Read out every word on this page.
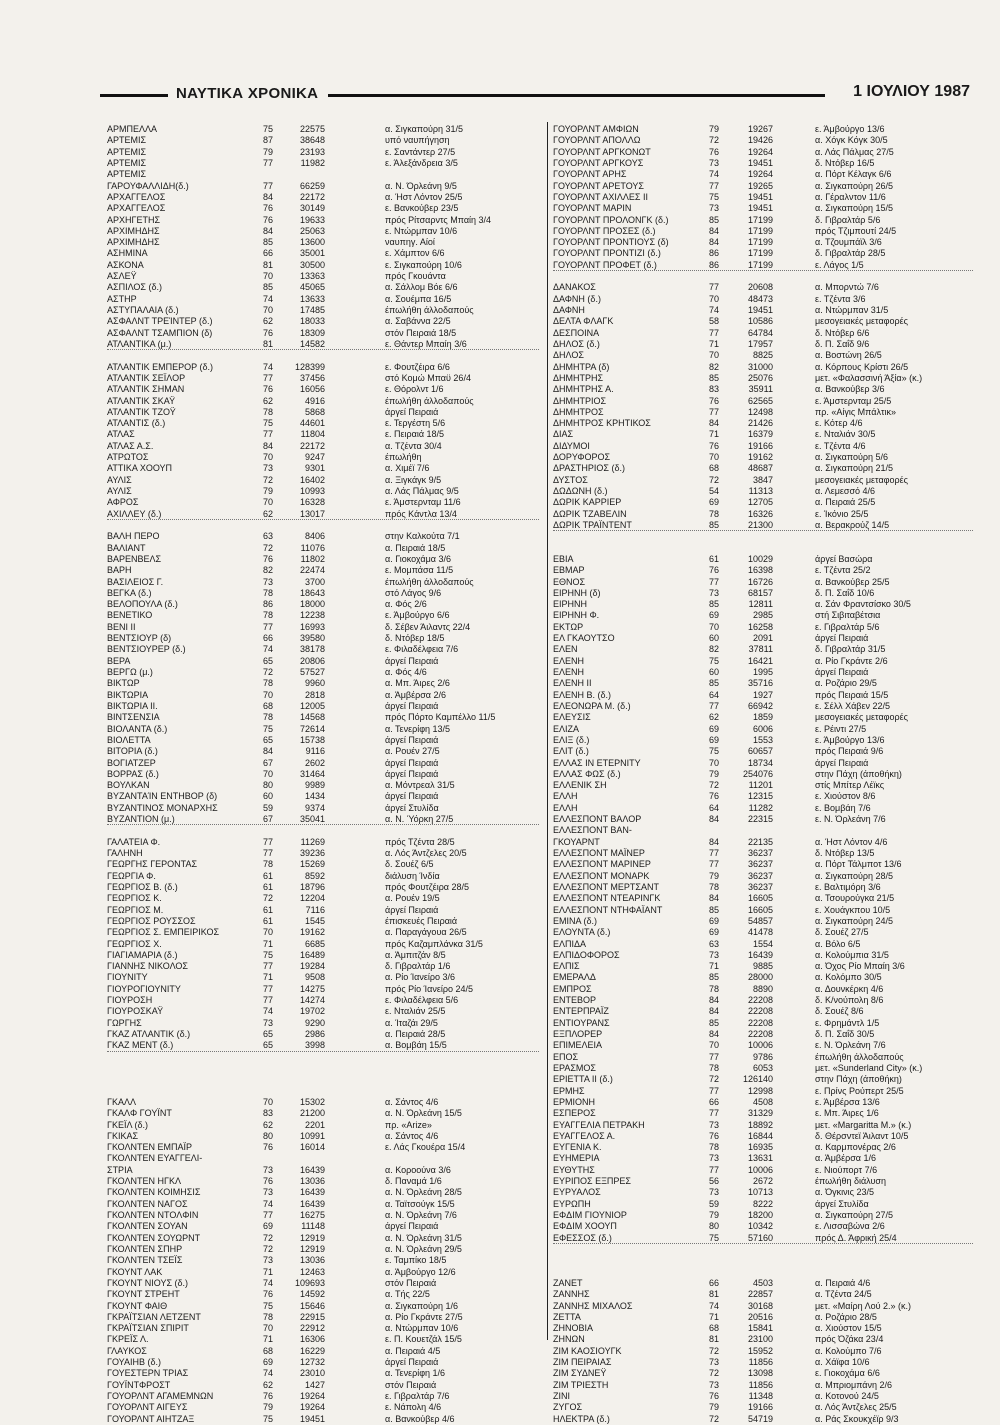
ΝΑΥΤΙΚΑ ΧΡΟΝΙΚΑ	1 ΙΟΥΛΙΟΥ 1987
ΑΡΜΠΕΛΛΑ	75	22575	α. Σιγκαπούρη 31/5
ΑΡΤΕΜΙΣ	87	38648	υπό ναυπήγηση
ΑΡΤΕΜΙΣ	79	23193	ε. Σαντάντερ 27/5
ΑΡΤΕΜΙΣ	77	11982	ε. Άλεξάνδρεια 3/5
ΑΡΤΕΜΙΣ
ΓΑΡΟΥΦΑΛΛΙΔΗ(δ.)	77	66259	α. Ν. Όρλεάνη 9/5
ΑΡΧΑΓΓΕΛΟΣ	84	22172	α. Ήστ Λόντον 25/5
ΑΡΧΑΓΓΕΛΟΣ	76	30149	ε. Βανκούβερ 23/5
ΑΡΧΗΓΕΤΗΣ	76	19633	πρός Ρίτσαρντς Μπαίη 3/4
ΑΡΧΙΜΗΔΗΣ	84	25063	ε. Ντώρμπαν 10/6
ΑΡΧΙΜΗΔΗΣ	85	13600	ναυπηγ. Αίοί
ΑΣΗΜΙΝΑ	66	35001	ε. Χάμπτον 6/6
ΑΣΚΟΝΑ	81	30500	ε. Σιγκαπούρη 10/6
ΑΣΛΕΫ	70	13363	πρός Γκουάντα
ΑΣΠΙΛΟΣ (δ.)	85	45065	α. Σάλλομ Βόε 6/6
ΑΣΤΗΡ	74	13633	α. Σουέμπα 16/5
ΑΣΤΥΠΑΛΑΙΑ (δ.)	70	17485	έπωλήθη άλλοδαπούς
ΑΣΦΑΛΝΤ ΤΡΕΊΝΤΕΡ (δ.)	62	18033	α. Σαβάννα 22/5
ΑΣΦΑΛΝΤ ΤΣΑΜΠΙΟΝ (δ)	76	18309	στόν Πειραιά 18/5
ΑΤΛΑΝΤΙΚΑ (μ.)	81	14582	ε. Θάντερ Μπαίη 3/6
ΑΤΛΑΝΤΙΚ ΕΜΠΕΡΟΡ (δ.)	74	128399	ε. Φουτζέιρα 6/6
ΑΤΛΑΝΤΙΚ ΣΕΪΛΟΡ	77	37456	στό Κομώ Μπαϋ 26/4
ΑΤΛΑΝΤΙΚ ΣΗΜΑΝ	76	16056	ε. Θόρολντ 1/6
ΑΤΛΑΝΤΙΚ ΣΚΑΫ	62	4916	έπωλήθη άλλοδαπούς
ΑΤΛΑΝΤΙΚ ΤΖΟΫ	78	5868	άργεί Πειραιά
ΑΤΛΑΝΤΙΣ (δ.)	75	44601	ε. Τεργέστη 5/6
ΑΤΛΑΣ	77	11804	ε. Πειραιά 18/5
ΑΤΛΑΣ Α.Σ.	84	22172	α. Τζέντα 30/4
ΑΤΡΩΤΟΣ	70	9247	έπωλήθη
ΑΤΤΙΚΑ ΧΟΟΥΠ	73	9301	α. Χιμέϊ 7/6
ΑΥΛΙΣ	72	16402	α. Ξιγκάγκ 9/5
ΑΥΛΙΣ	79	10993	α. Λάς Πάλμας 9/5
ΑΦΡΟΣ	70	16328	ε. Άμστερνταμ 11/6
ΑΧΙΛΛΕΥ (δ.)	62	13017	πρός Κάντλα 13/4
ΒΑΛΗ ΠΕΡΟ	63	8406	στην Καλκούτα 7/1
ΒΑΛΙΑΝΤ	72	11076	α. Πειραιά 18/5
ΒΑΡΕΝΒΕΛΣ	76	11802	α. Γιοκοχάμα 3/6
ΒΑΡΗ	82	22474	ε. Μομπάσα 11/5
ΒΑΣΙΛΕΙΟΣ Γ.	73	3700	έπωλήθη άλλοδαπούς
ΒΕΓΚΑ (δ.)	78	18643	στό Λάγος 9/6
ΒΕΛΟΠΟΥΛΑ (δ.)	86	18000	α. Φός 2/6
ΒΕΝΕΤΙΚΟ	78	12238	ε. Άμβούργο 6/6
ΒΕΝΙ ΙΙ	77	16993	δ. Σέβεν Άιλαντς 22/4
ΒΕΝΤΣΙΟΥΡ (δ)	66	39580	δ. Ντόβερ 18/5
ΒΕΝΤΣΙΟΥΡΕΡ (δ.)	74	38178	ε. Φιλαδέλφεια 7/6
ΒΕΡΑ	65	20806	άργεί Πειραιά
ΒΕΡΓΩ (μ.)	72	57527	α. Φός 4/6
ΒΙΚΤΩΡ	78	9960	α. Μπ. Άιρες 2/6
ΒΙΚΤΩΡΙΑ	70	2818	α. Άμβέρσα 2/6
ΒΙΚΤΩΡΙΑ ΙΙ.	68	12005	άργεί Πειραιά
ΒΙΝΤΣΕΝΣΙΑ	78	14568	πρός Πόρτο Καμπέλλο 11/5
ΒΙΟΛΑΝΤΑ (δ.)	75	72614	α. Τενερίφη 13/5
ΒΙΟΛΕΤΤΑ	65	15738	άργεί Πειραιά
ΒΙΤΟΡΙΑ (δ.)	84	9116	α. Ρουέν 27/5
ΒΟΓΙΑΤΖΕΡ	67	2602	άργεί Πειραιά
ΒΟΡΡΑΣ (δ.)	70	31464	άργεί Πειραιά
ΒΟΥΛΚΑΝ	80	9989	α. Μόντρεαλ 31/5
ΒΥΖΑΝΤΑΊΝ ΕΝΤΗΒΟΡ (δ)	60	1434	άργεί Πειραιά
ΒΥΖΑΝΤΙΝΟΣ ΜΟΝΑΡΧΗΣ	59	9374	άργεί Στυλίδα
ΒΥΖΑΝΤΙΟΝ (μ.)	67	35041	α. Ν. Ύόρκη 27/5
ΓΑΛΑΤΕΙΑ Φ.	77	11269	πρός Τζέντα 28/5
ΓΑΛΗΝΗ	77	39236	α. Λός Άντζελες 20/5
ΓΕΩΡΓΗΣ ΓΕΡΟΝΤΑΣ	78	15269	δ. Σουέζ 6/5
ΓΕΩΡΓΙΑ Φ.	61	8592	διάλυση Ίνδία
ΓΕΩΡΓΙΟΣ Β. (δ.)	61	18796	πρός Φουτζέιρα 28/5
ΓΕΩΡΓΙΟΣ Κ.	72	12204	α. Ρουέν 19/5
ΓΕΩΡΓΙΟΣ Μ.	61	7116	άργεί Πειραιά
ΓΕΩΡΓΙΟΣ ΡΟΥΣΣΟΣ	61	1545	έπισκευές Πειραιά
ΓΕΩΡΓΙΟΣ Σ. ΕΜΠΕΙΡΙΚΟΣ	70	19162	α. Παραγάγουα 26/5
ΓΕΩΡΓΙΟΣ Χ.	71	6685	πρός Καζαμπλάνκα 31/5
ΓΙΑΓΙΑΜΑΡΙΑ (δ.)	75	16489	α. Άμπιτζάν 8/5
ΓΙΑΝΝΗΣ ΝΙΚΟΛΟΣ	77	19284	δ. Γιβραλτάρ 1/6
ΓΙΟΥΝΙΤΥ	71	9508	α. Ρίο Ίανείρο 3/6
ΓΙΟΥΡΟΓΙΟΥΝΙΤΥ	77	14275	πρός Ρίο Ίανείρο 24/5
ΓΙΟΥΡΟΣΗ	77	14274	ε. Φιλαδέλφεια 5/6
ΓΙΟΥΡΟΣΚΑΫ	74	19702	ε. Νταλιάν 25/5
ΓΩΡΓΗΣ	73	9290	α. Ίταζάι 29/5
ΓΚΑΖ ΑΤΛΑΝΤΙΚ (δ.)	65	2986	α. Πειραιά 28/5
ΓΚΑΖ ΜΕΝΤ (δ.)	65	3998	α. Βομβάη 15/5
ΓΚΑΛΛ	70	15302	α. Σάντος 4/6
ΓΚΑΛΦ ΓΟΥΪΝΤ	83	21200	α. Ν. Όρλεάνη 15/5
ΓΚΕΪΛ (δ.)	62	2201	πρ. «Arize»
ΓΚΙΚΑΣ	80	10991	α. Σάντος 4/6
ΓΚΟΛΝΤΕΝ ΕΜΠΑΪΡ	76	16014	ε. Λάς Γκουέρα 15/4
ΓΚΟΛΝΤΕΝ ΕΥΑΓΓΕΛΙ-
ΣΤΡΙΑ	73	16439	α. Κοροούνα 3/6
ΓΚΟΛΝΤΕΝ ΗΓΚΛ	76	13036	δ. Παναμά 1/6
ΓΚΟΛΝΤΕΝ ΚΟΙΜΗΣΙΣ	73	16439	α. Ν. Όρλεάνη 28/5
ΓΚΟΛΝΤΕΝ ΝΑΓΟΣ	74	16439	α. Ταϊτσούγκ 15/5
ΓΚΟΛΝΤΕΝ ΝΤΟΛΦΙΝ	77	16275	α. Ν. Όρλεάνη 7/6
ΓΚΟΛΝΤΕΝ ΣΟΥΑΝ	69	11148	άργεί Πειραιά
ΓΚΟΛΝΤΕΝ ΣΟΥΩΡΝΤ	72	12919	α. Ν. Όρλεάνη 31/5
ΓΚΟΛΝΤΕΝ ΣΠΗΡ	72	12919	α. Ν. Όρλεάνη 29/5
ΓΚΟΛΝΤΕΝ ΤΣΕΪΣ	73	13036	ε. Ταμπίκο 18/5
ΓΚΟΥΝΤ ΛΑΚ	71	12463	α. Άμβούργο 12/6
ΓΚΟΥΝΤ ΝΙΟΥΣ (δ.)	74	109693	στόν Πειραιά
ΓΚΟΥΝΤ ΣΤΡΕΗΤ	76	14592	α. Τής 22/5
ΓΚΟΥΝΤ ΦΑΙΘ	75	15646	α. Σιγκαπούρη 1/6
ΓΚΡΑΪΤΣΙΑΝ ΛΕΤΖΕΝΤ	78	22915	α. Ρίο Γκράντε 27/5
ΓΚΡΑΪΤΣΙΑΝ ΣΠΙΡΙΤ	70	22912	α. Ντώρμπαν 10/6
ΓΚΡΕΪΣ Λ.	71	16306	ε. Π. Κουετζάλ 15/5
ΓΛΑΥΚΟΣ	68	16229	α. Πειραιά 4/5
ΓΟΥΑΙΗΒ (δ.)	69	12732	άργεί Πειραιά
ΓΟΥΕΣΤΕΡΝ ΤΡΙΑΣ	74	23010	α. Τενερίφη 1/6
ΓΟΥΪΝΤΦΡΟΣΤ	62	1427	στόν Πειραιά
ΓΟΥΟΡΛΝΤ ΑΓΑΜΕΜΝΩΝ	76	19264	ε. Γιβραλτάρ 7/6
ΓΟΥΟΡΛΝΤ ΑΙΓΕΥΣ	79	19264	ε. Νάπολη 4/6
ΓΟΥΟΡΛΝΤ ΑΙΗΤΖΑΞ	75	19451	α. Βανκούβερ 4/6
ΓΟΥΟΡΛΝΤ ΑΜΦΙΩΝ	79	19267	ε. Άμβούργο 13/6
ΓΟΥΟΡΛΝΤ ΑΠΟΛΛΩ	72	19426	α. Χόγκ Κόγκ 30/5
ΓΟΥΟΡΛΝΤ ΑΡΓΚΟΝΩΤ	76	19264	α. Λάς Πάλμας 27/5
ΓΟΥΟΡΛΝΤ ΑΡΓΚΟΥΣ	73	19451	δ. Ντόβερ 16/5
ΓΟΥΟΡΛΝΤ ΑΡΗΣ	74	19264	α. Πόρτ Κέλαγκ 6/6
ΓΟΥΟΡΛΝΤ ΑΡΕΤΟΥΣ	77	19265	α. Σιγκαπούρη 26/5
ΓΟΥΟΡΛΝΤ ΑΧΙΛΛΕΣ ΙΙ	75	19451	α. Γέραλντον 11/6
ΓΟΥΟΡΛΝΤ ΜΑΡΙΝ	73	19451	α. Σιγκαπούρη 15/5
ΓΟΥΟΡΛΝΤ ΠΡΟΛΟΝΓΚ (δ.)	85	17199	δ. Γιβραλτάρ 5/6
ΓΟΥΟΡΛΝΤ ΠΡΟΣΕΣ (δ.)	84	17199	πρός Τζιμπουτί 24/5
ΓΟΥΟΡΛΝΤ ΠΡΟΝΤΙΟΥΣ (δ)	84	17199	α. Τζουμπάϊλ 3/6
ΓΟΥΟΡΛΝΤ ΠΡΟΝΤΙΖΙ (δ.)	86	17199	δ. Γιβραλτάρ 28/5
ΓΟΥΟΡΛΝΤ ΠΡΟΦΕΤ (δ.)	86	17199	ε. Λάγος 1/5
ΔΑΝΑΚΟΣ	77	20608	α. Μπορντώ 7/6
ΔΑΦΝΗ (δ.)	70	48473	ε. Τζέντα 3/6
ΔΑΦΝΗ	74	19451	α. Ντώρμπαν 31/5
ΔΕΛΤΑ ΦΛΑΓΚ	58	10586	μεσογειακές μεταφορές
ΔΕΣΠΟΙΝΑ	77	64784	δ. Ντόβερ 6/6
ΔΗΛΟΣ (δ.)	71	17957	δ. Π. Σαΐδ 9/6
ΔΗΛΟΣ	70	8825	α. Βοστώνη 26/5
ΔΗΜΗΤΡΑ (δ)	82	31000	α. Κόρπους Κρίστι 26/5
ΔΗΜΗΤΡΗΣ	85	25076	μετ. «Φαλασσινή Άξία» (κ.)
ΔΗΜΗΤΡΗΣ Α.	83	35911	α. Βανκούβερ 3/6
ΔΗΜΗΤΡΙΟΣ	76	62565	ε. Άμστερνταμ 25/5
ΔΗΜΗΤΡΟΣ	77	12498	πρ. «Αίγις Μπάλτικ»
ΔΗΜΗΤΡΟΣ ΚΡΗΤΙΚΟΣ	84	21426	ε. Κότερ 4/6
ΔΙΑΣ	71	16379	ε. Νταλιάν 30/5
ΔΙΔΥΜΟΙ	76	19166	ε. Τζέντα 4/6
ΔΟΡΥΦΟΡΟΣ	70	19162	α. Σιγκαπούρη 5/6
ΔΡΑΣΤΗΡΙΟΣ (δ.)	68	48687	α. Σιγκαπούρη 21/5
ΔΥΣΤΟΣ	72	3847	μεσογειακές μεταφορές
ΔΩΔΩΝΗ (δ.)	54	11313	α. Λεμεσσό 4/6
ΔΩΡΙΚ ΚΑΡΡΙΕΡ	69	12705	α. Πειραιά 25/5
ΔΩΡΙΚ ΤΖΑΒΕΛΙΝ	78	16326	ε. Ίκόνιο 25/5
ΔΩΡΙΚ ΤΡΑΪΝΤΕΝΤ	85	21300	α. Βερακρούζ 14/5
ΕΒΙΑ	61	10029	άργεί Βασώρα
ΕΒΜΑΡ	76	16398	ε. Τζέντα 25/2
ΕΘΝΟΣ	77	16726	α. Βανκούβερ 25/5
ΕΙΡΗΝΗ (δ)	73	68157	δ. Π. Σαΐδ 10/6
ΕΙΡΗΝΗ	85	12811	α. Σάν Φραντσίσκο 30/5
ΕΙΡΗΝΗ Φ.	69	2985	στή Σιβιταβέτσια
ΕΚΤΩΡ	70	16258	ε. Γιβραλτάρ 5/6
ΕΛ ΓΚΑΟΥΤΣΟ	60	2091	άργεί Πειραιά
ΕΛΕΝ	82	37811	δ. Γιβραλτάρ 31/5
ΕΛΕΝΗ	75	16421	α. Ρίο Γκράντε 2/6
ΕΛΕΝΗ	60	1995	άργεί Πειραιά
ΕΛΕΝΗ ΙΙ	85	35716	α. Ροζάριο 29/5
ΕΛΕΝΗ Β. (δ.)	64	1927	πρός Πειραιά 15/5
ΕΛΕΟΝΩΡΑ Μ. (δ.)	77	66942	ε. Σέλλ Χάβεν 22/5
ΕΛΕΥΣΙΣ	62	1859	μεσογειακές μεταφορές
ΕΛΙΖΑ	69	6006	ε. Ρέιντι 27/5
ΕΛΙΞ (δ.)	69	1553	ε. Άμβούργο 13/6
ΕΛΙΤ (δ.)	75	60657	πρός Πειραιά 9/6
ΕΛΛΑΣ ΙΝ ΕΤΕΡΝΙΤΥ	70	18734	άργεί Πειραιά
ΕΛΛΑΣ ΦΩΣ (δ.)	79	254076	στην Πάχη (άποθήκη)
ΕΛΛΕΝΙΚ ΣΗ	72	11201	στίς Μπίτερ Λέϊκς
ΕΛΛΗ	76	12315	ε. Χιούστον 8/6
ΕΛΛΗ	64	11282	ε. Βομβάη 7/6
ΕΛΛΕΣΠΟΝΤ ΒΑΛΟΡ	84	22315	ε. Ν. Όρλεάνη 7/6
ΕΛΛΕΣΠΟΝΤ ΒΑΝ-
ΓΚΟΥΑΡΝΤ	84	22135	α. Ήστ Λόντον 4/6
ΕΛΛΕΣΠΟΝΤ ΜΑΪΝΕΡ	77	36237	δ. Ντόβερ 13/5
ΕΛΛΕΣΠΟΝΤ ΜΑΡΙΝΕΡ	77	36237	α. Πόρτ Τάλμποτ 13/6
ΕΛΛΕΣΠΟΝΤ ΜΟΝΑΡΚ	79	36237	α. Σιγκαπούρη 28/5
ΕΛΛΕΣΠΟΝΤ ΜΕΡΤΣΑΝΤ	78	36237	ε. Βαλτιμόρη 3/6
ΕΛΛΕΣΠΟΝΤ ΝΤΕΑΡΙΝΓΚ	84	16605	α. Τσουρούγκα 21/5
ΕΛΛΕΣΠΟΝΤ ΝΤΗΦΑΪΑΝΤ	85	16605	ε. Χουάγκπου 10/5
ΕΜΙΝΑ (δ.)	69	54857	α. Σιγκαπούρη 24/5
ΕΛΟΥΝΤΑ (δ.)	69	41478	δ. Σουέζ 27/5
ΕΛΠΙΔΑ	63	1554	α. Βόλο 6/5
ΕΛΠΙΔΟΦΟΡΟΣ	73	16439	α. Κολούμπια 31/5
ΕΛΠΙΣ	71	9885	α. Όχος Ρίο Μπαίη 3/6
ΕΜΕΡΑΛΔ	85	28000	α. Κολόμπο 30/5
ΕΜΠΡΟΣ	78	8890	α. Δουνκέρκη 4/6
ΕΝΤΕΒΟΡ	84	22208	δ. Κ/νούπολη 8/6
ΕΝΤΕΡΠΡΑΪΖ	84	22208	δ. Σουέζ 8/6
ΕΝΤΙΟΥΡΑΝΣ	85	22208	ε. Φρημάντλ 1/5
ΕΞΠΛΟΡΕΡ	84	22208	δ. Π. Σαΐδ 30/5
ΕΠΙΜΕΛΕΙΑ	70	10006	ε. Ν. Όρλεάνη 7/6
ΕΠΟΣ	77	9786	έπωλήθη άλλοδαπούς
ΕΡΑΣΜΟΣ	78	6053	μετ. «Sunderland City» (κ.)
ΕΡΙΕΤΤΑ ΙΙ (δ.)	72	126140	στην Πάχη (άποθήκη)
ΕΡΜΗΣ	77	12998	ε. Πρίνς Ρούπερτ 25/5
ΕΡΜΙΟΝΗ	66	4508	ε. Άμβέρσα 13/6
ΕΣΠΕΡΟΣ	77	31329	ε. Μπ. Άιρες 1/6
ΕΥΑΓΓΕΛΙΑ ΠΕΤΡΑΚΗ	73	18892	μετ. «Margaritta M.» (κ.)
ΕΥΑΓΓΕΛΟΣ Α.	76	16844	δ. Θέρσντεϊ Άιλαντ 10/5
ΕΥΓΕΝΙΑ Κ.	78	16935	α. Καρμπονέρας 2/6
ΕΥΗΜΕΡΙΑ	73	13631	α. Άμβέρσα 1/6
ΕΥΘΥΤΗΣ	77	10006	ε. Νιούπορτ 7/6
ΕΥΡΙΠΟΣ ΕΞΠΡΕΣ	56	2672	έπωλήθη διάλυση
ΕΥΡΥΑΛΟΣ	73	10713	α. Όγκινις 23/5
ΕΥΡΩΠΗ	59	8222	άργεί Στυλίδα
ΕΦΔΙΜ ΓΙΟΥΝΙΟΡ	79	18200	α. Σιγκαπούρη 27/5
ΕΦΔΙΜ ΧΟΟΥΠ	80	10342	ε. Λισσαβώνα 2/6
ΕΦΕΣΣΟΣ (δ.)	75	57160	πρός Δ. Άφρική 25/4
ΖΑΝΕΤ	66	4503	α. Πειραιά 4/6
ΖΑΝΝΗΣ	81	22857	α. Τζέντα 24/5
ΖΑΝΝΗΣ ΜΙΧΑΛΟΣ	74	30168	μετ. «Μαίρη Λού 2.» (κ.)
ΖΕΤΤΑ	71	20516	α. Ροζάριο 28/5
ΖΗΝΟΒΙΑ	68	15841	α. Χιούστον 15/5
ΖΗΝΩΝ	81	23100	πρός Όζάκα 23/4
ΖΙΜ ΚΑΟΣΙΟΥΓΚ	72	15952	α. Κολούμπο 7/6
ΖΙΜ ΠΕΙΡΑΙΑΣ	73	11856	α. Χάϊφα 10/6
ΖΙΜ ΣΥΔΝΕΫ	72	13098	ε. Γιοκοχάμα 6/6
ΖΙΜ ΤΡΙΕΣΤΗ	73	11856	α. Μπριομπάνη 2/6
ΖΙΝΙ	76	11348	α. Κοτονού 24/5
ΖΥΓΟΣ	79	19166	α. Λός Άντζελες 25/5
ΗΛΕΚΤΡΑ (δ.)	72	54719	α. Ράς Σκουκχέϊρ 9/3
